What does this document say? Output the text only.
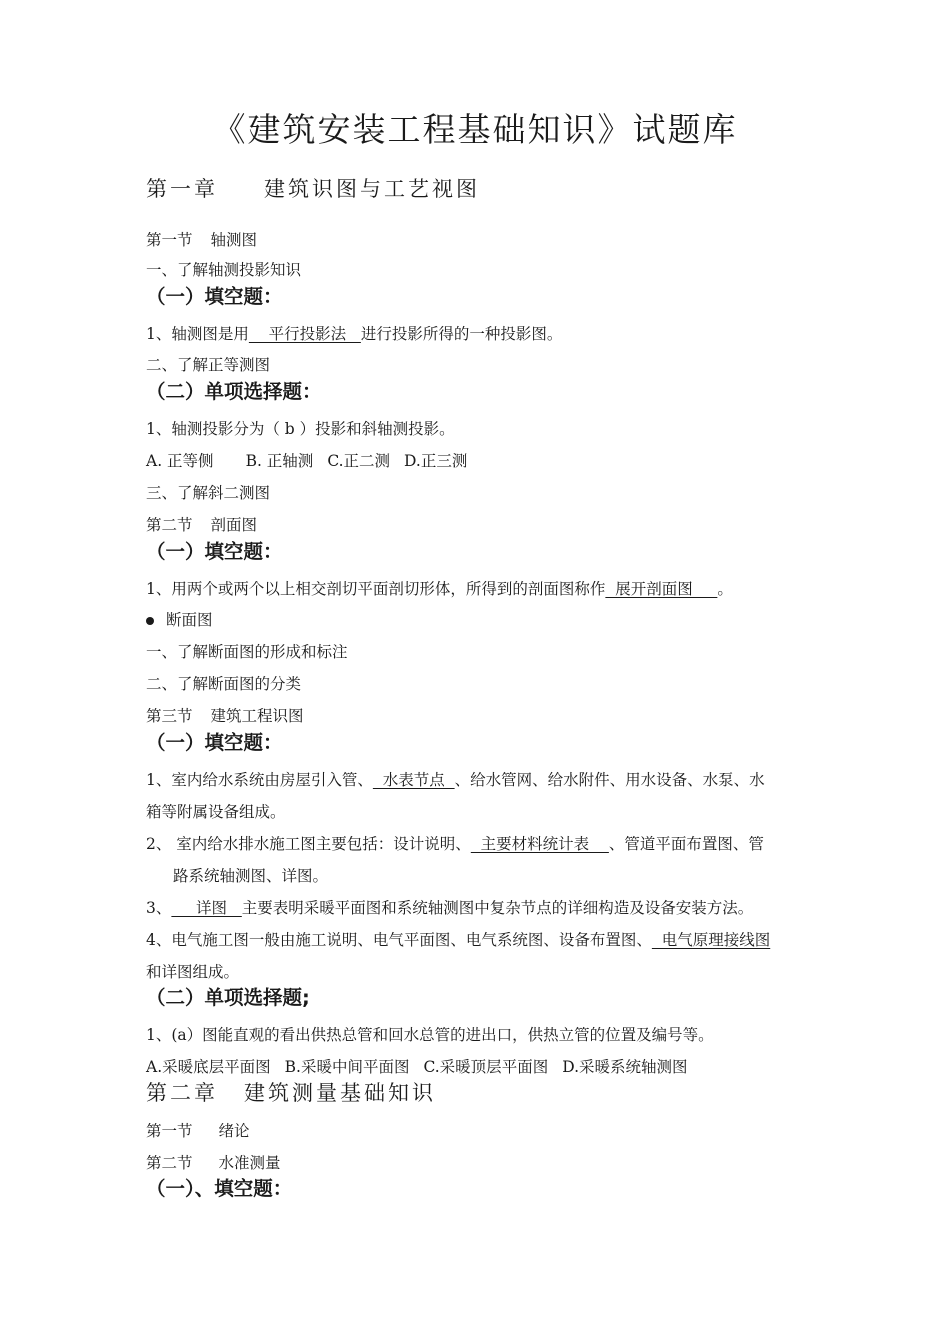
《建筑安装工程基础知识》试题库
第一章 建筑识图与工艺视图
第一节 轴测图
一、了解轴测投影知识
（一）填空题：
1、轴测图是用    平行投影法   进行投影所得的一种投影图。
二、了解正等测图
（二）单项选择题：
1、轴测投影分为（ b ）投影和斜轴测投影。
A. 正等侧 B. 正轴测 C.正二测 D.正三测
三、了解斜二测图
第二节 剖面图
（一）填空题：
1、用两个或两个以上相交剖切平面剖切形体，所得到的剖面图称作  展开剖面图     。
断面图
一、了解断面图的形成和标注
二、了解断面图的分类
第三节 建筑工程识图
（一）填空题：
1、室内给水系统由房屋引入管、  水表节点  、给水管网、给水附件、用水设备、水泵、水
箱等附属设备组成。
2、 室内给水排水施工图主要包括：设计说明、  主要材料统计表    、管道平面布置图、管
路系统轴测图、详图。
3、     详图   主要表明采暖平面图和系统轴测图中复杂节点的详细构造及设备安装方法。
4、电气施工图一般由施工说明、电气平面图、电气系统图、设备布置图、  电气原理接线图
和详图组成。
（二）单项选择题;
1、(a）图能直观的看出供热总管和回水总管的进出口，供热立管的位置及编号等。
A.采暖底层平面图 B.采暖中间平面图 C.采暖顶层平面图 D.采暖系统轴测图
第二章 建筑测量基础知识
第一节 绪论
第二节 水准测量
（一）、填空题：
